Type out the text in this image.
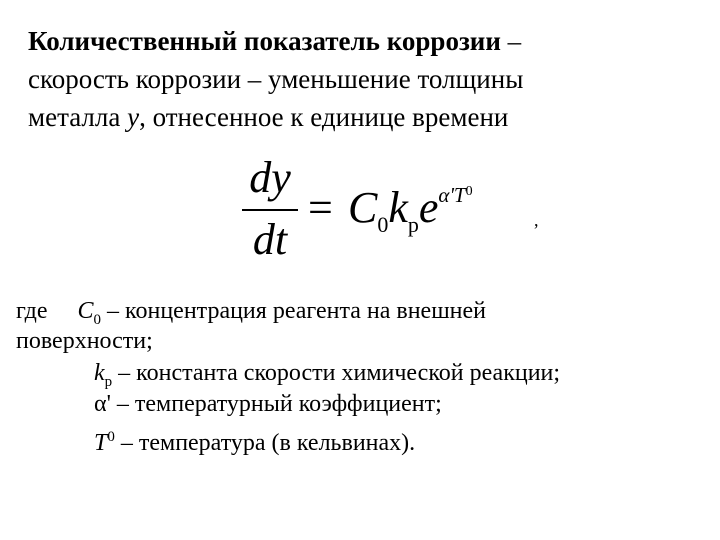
Количественный показатель коррозии –
скорость коррозии – уменьшение толщины
металла y, отнесенное к единице времени
dy
dt
= $C_0k_pe^{\alpha'T^0}$
,
где $C_0$ – концентрация реагента на внешней
поверхности;
$k_p$ – константа скорости химической реакции;
α' – температурный коэффициент;
$T^0$ – температура (в кельвинах).
